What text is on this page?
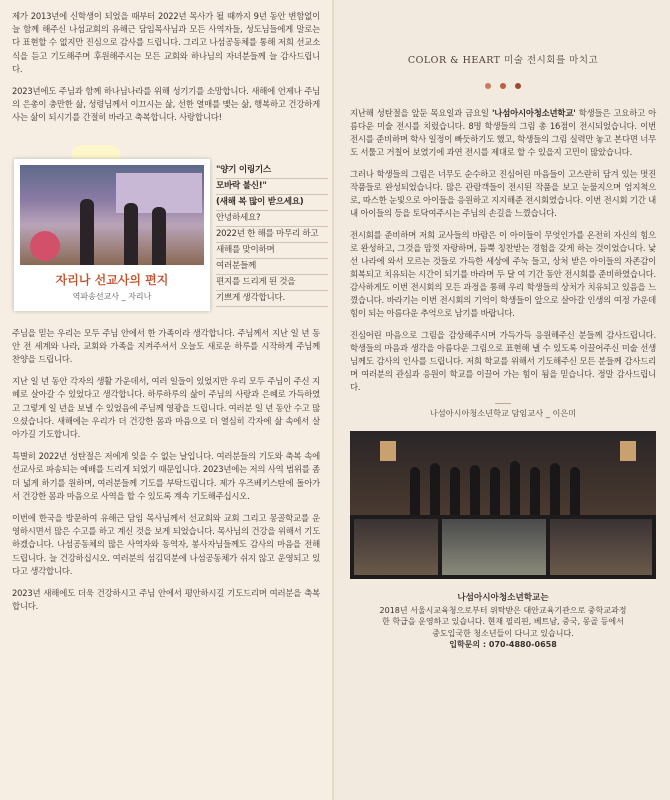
제가 2013년에 신학생이 되었을 때부터 2022년 목사가 될 때까지 9년 동안 변함없이 늘 함께 해주신 나섬교회의 유해근 담임목사님과 모든 사역자들, 성도님들에게 말로는 다 표현할 수 없지만 진심으로 감사를 드립니다. 그리고 나섬공동체를 통해 저희 선교소식을 듣고 기도해주며 후원해주시는 모든 교회와 하나님의 자녀분들께 늘 감사드립니다.

2023년에도 주님과 함께 하나님나라를 위해 성기기를 소망합니다. 새해에 언제나 주님의 은총이 충만한 삶, 성령님께서 이끄시는 삶, 선한 열매를 맺는 삶, 행복하고 건강하게 사는 삶이 되시기를 간절히 바라고 축복합니다. 사랑합니다!

자리나 선교사의 편지
역파송선교사 _ 자리나
"양기 이링기스
모바락 불신!"
(새해 복 많이 받으세요)
안녕하세요?
2022년 한 해를 마무리 하고
새해를 맞이하며
여러분들께
편지를 드리게 된 것을
기쁘게 생각합니다.

주님을 믿는 우리는 모두 주님 안에서 한 가족이라 생각합니다. 주님께서 지난 일 년 동안 전 세계와 나라, 교회와 가족을 지켜주셔서 오늘도 새로운 하루를 시작하게 주님께 찬양을 드립니다.

지난 일 년 동안 각자의 생활 가운데서, 여러 일들이 있었지만 우리 모두 주님이 주신 지혜로 살아갈 수 있었다고 생각합니다. 하루하루의 삶이 주님의 사랑과 은혜로 가득하였고 그렇게 일 년을 보낼 수 있었음에 주님께 영광을 드립니다. 여러분 일 년 동안 수고 많으셨습니다. 새해에는 우리가 더 건강한 몸과 마음으로 더 열심히 각자에 삶 속에서 살아가길 기도합니다.

특별히 2022년 성탄절은 저에게 잊을 수 없는 날입니다. 여러분들의 기도와 축복 속에 선교사로 파송되는 예배를 드리게 되었기 때문입니다. 2023년에는 저의 사역 범위를 좀 더 넓게 하기를 원하며, 여러분들께 기도를 부탁드립니다. 제가 우즈베키스탄에 돌아가서 건강한 몸과 마음으로 사역을 할 수 있도록 계속 기도해주십시오.

이번에 한국을 방문하여 유해근 담임 목사님께서 선교회와 교회 그리고 몽골학교를 운영하시면서 많은 수고를 하고 계신 것을 보게 되었습니다. 목사님의 건강을 위해서 기도하겠습니다. 나섬공동체의 많은 사역자와 동역자, 봉사자님들께도 감사의 마음을 전해드립니다. 늘 건강하십시오. 여러분의 섬김덕분에 나섬공동체가 쉬지 않고 운영되고 있다고 생각합니다.

2023년 새해에도 더욱 건강하시고 주님 안에서 평안하시길 기도드리며 여러분을 축복합니다.

COLOR & HEART 미술 전시회를 마치고

지난해 성탄절을 앞둔 목요일과 금요일 '나섬아시아청소년학교' 학생들은 고요하고 아름다운 미술 전시를 치렀습니다. 8명 학생들의 그림 총 16점이 전시되었습니다. 이번 전시를 준비하며 학사 일정이 빠듯하기도 했고, 학생들의 그림 실력만 놓고 본다면 너무도 서툴고 거칠어 보였기에 과연 전시를 제대로 할 수 있을지 고민이 많았습니다.

그러나 학생들의 그림은 너무도 순수하고 진심어린 마음들이 고스란히 담겨 있는 멋진 작품들로 완성되었습니다. 많은 관람객들이 전시된 작품을 보고 눈물지으며 엄지척으로, 따스한 눈빛으로 아이들을 응원하고 지지해준 전시회였습니다. 이번 전시회 기간 내내 아이들의 등을 토닥여주시는 주님의 손길을 느꼈습니다.

전시회를 준비하며 저희 교사들의 바람은 이 아이들이 무엇인가를 온전히 자신의 힘으로 완성하고, 그것을 맘껏 자랑하며, 듬뿍 칭찬받는 경험을 갖게 하는 것이었습니다. 낯선 나라에 와서 모르는 것들로 가득한 세상에 주눅 들고, 상처 받은 아이들의 자존감이 회복되고 치유되는 시간이 되기를 바라며 두 달 여 기간 동안 전시회를 준비하였습니다. 감사하게도 이번 전시회의 모든 과정을 통해 우리 학생들의 상처가 치유되고 있음을 느꼈습니다. 바라기는 이번 전시회의 기억이 학생들이 앞으로 살아갈 인생의 여정 가운데 힘이 되는 아름다운 추억으로 남기를 바랍니다.

진심어린 마음으로 그림을 감상해주시며 가득가득 응원해주신 분들께 감사드립니다. 학생들의 마음과 생각을 아름다운 그림으로 표현해 낼 수 있도록 이끌어주신 미술 선생님께도 감사의 인사를 드립니다. 저희 학교를 위해서 기도해주신 모든 분들께 감사드리며 여러분의 관심과 응원이 학교를 이끌어 가는 힘이 됨을 믿습니다. 정말 감사드립니다.

나섬아시아청소년학교 담임교사 _ 이은미
나섬아시아청소년학교는
2018년 서울시교육청으로부터 위탁받은 대안교육기관으로 중학교과정
한 학급을 운영하고 있습니다. 현재 필리핀, 베트남, 중국, 몽골 등에서
중도입국한 청소년들이 다니고 있습니다.
입학문의 : 070-4880-0658
